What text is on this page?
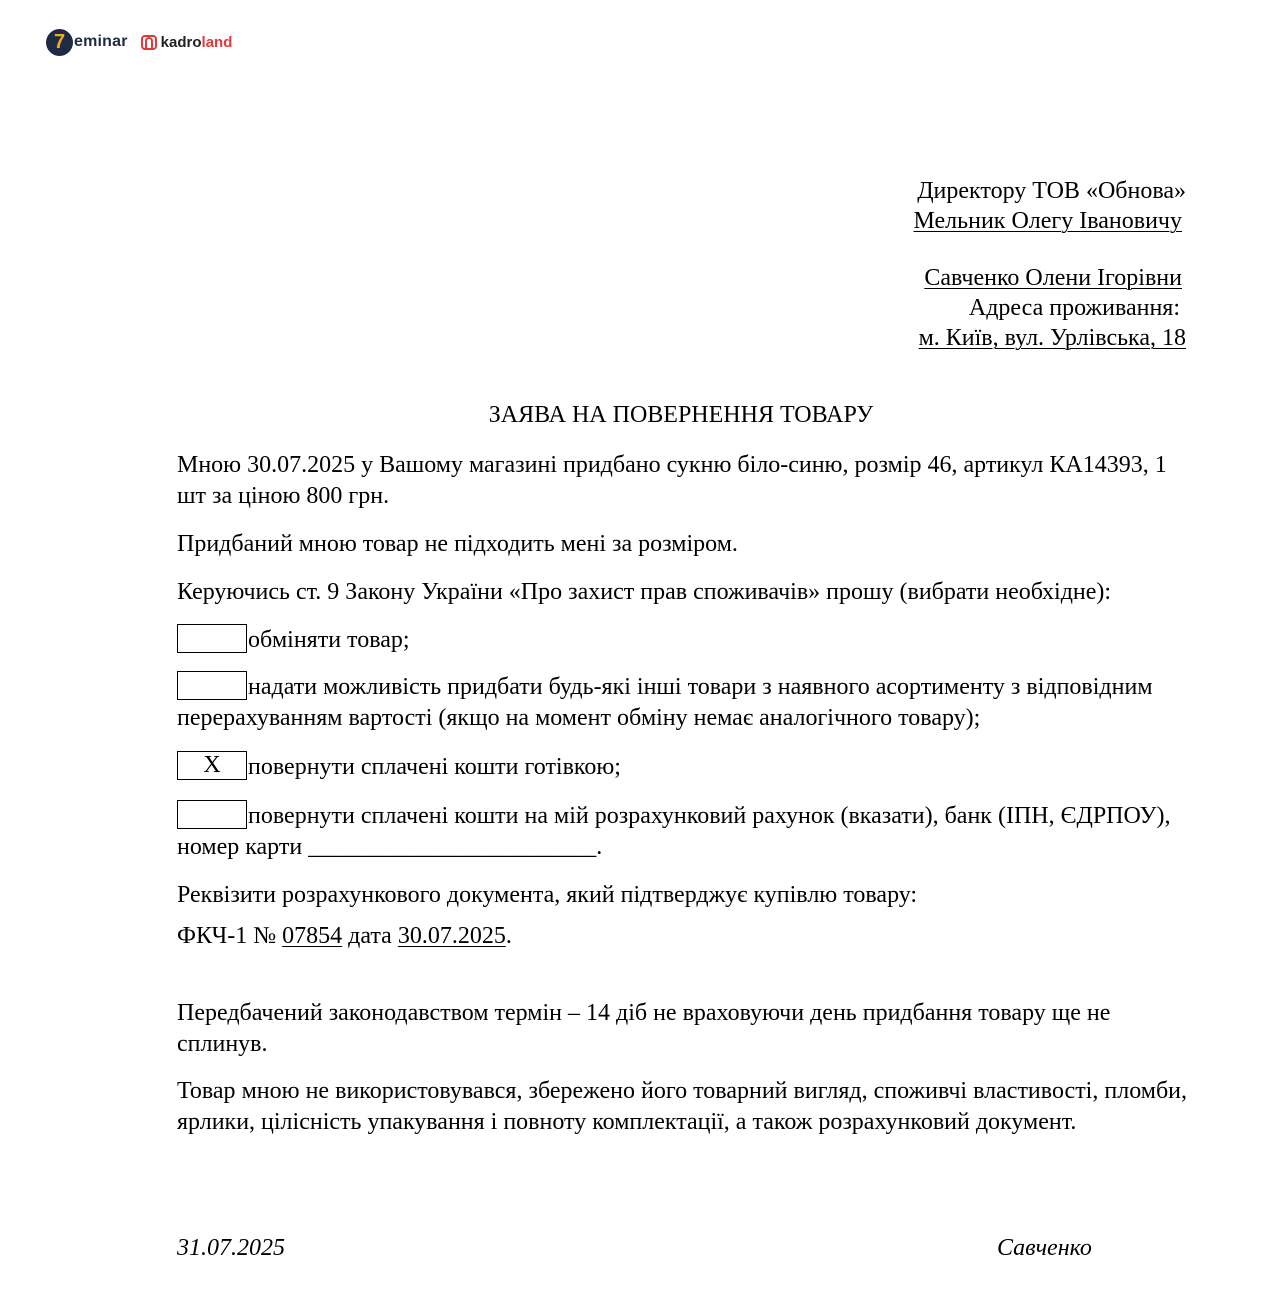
7 eminar kadroland
Директору ТОВ «Обнова»
Мельник Олегу Івановичу
Савченко Олени Ігорівни
Адреса проживання:
м. Київ, вул. Урлівська, 18
ЗАЯВА НА ПОВЕРНЕННЯ ТОВАРУ
Мною 30.07.2025 у Вашому магазині придбано сукню біло-синю, розмір 46, артикул КА14393, 1 шт за ціною 800 грн.
Придбаний мною товар не підходить мені за розміром.
Керуючись ст. 9 Закону України «Про захист прав споживачів» прошу (вибрати необхідне):
обміняти товар;
надати можливість придбати будь-які інші товари з наявного асортименту з відповідним перерахуванням вартості (якщо на момент обміну немає аналогічного товару);
Х повернути сплачені кошти готівкою;
повернути сплачені кошти на мій розрахунковий рахунок (вказати), банк (ІПН, ЄДРПОУ), номер карти ________________________.
Реквізити розрахункового документа, який підтверджує купівлю товару:
ФКЧ-1 № 07854 дата 30.07.2025.
Передбачений законодавством термін – 14 діб не враховуючи день придбання товару ще не сплинув.
Товар мною не використовувався, збережено його товарний вигляд, споживчі властивості, пломби, ярлики, цілісність упакування і повноту комплектації, а також розрахунковий документ.
31.07.2025	Савченко
